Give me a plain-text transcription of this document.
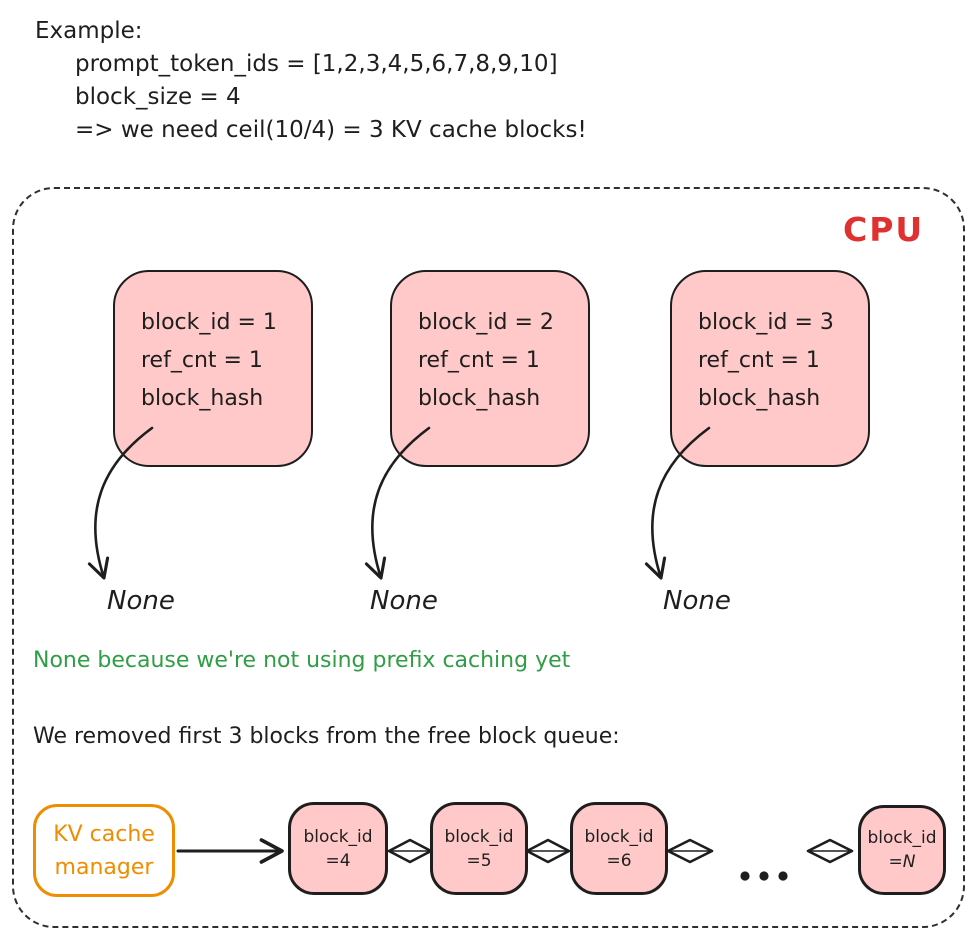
Example:
prompt_token_ids = [1,2,3,4,5,6,7,8,9,10]
block_size = 4
=> we need ceil(10/4) = 3 KV cache blocks!
CPU
block_id = 1
ref_cnt = 1
block_hash
block_id = 2
ref_cnt = 1
block_hash
block_id = 3
ref_cnt = 1
block_hash
None	None	None
None because we're not using prefix caching yet
We removed first 3 blocks from the free block queue:
KV cache
manager
block_id
=4
block_id
=5
block_id
=6
block_id
=N
